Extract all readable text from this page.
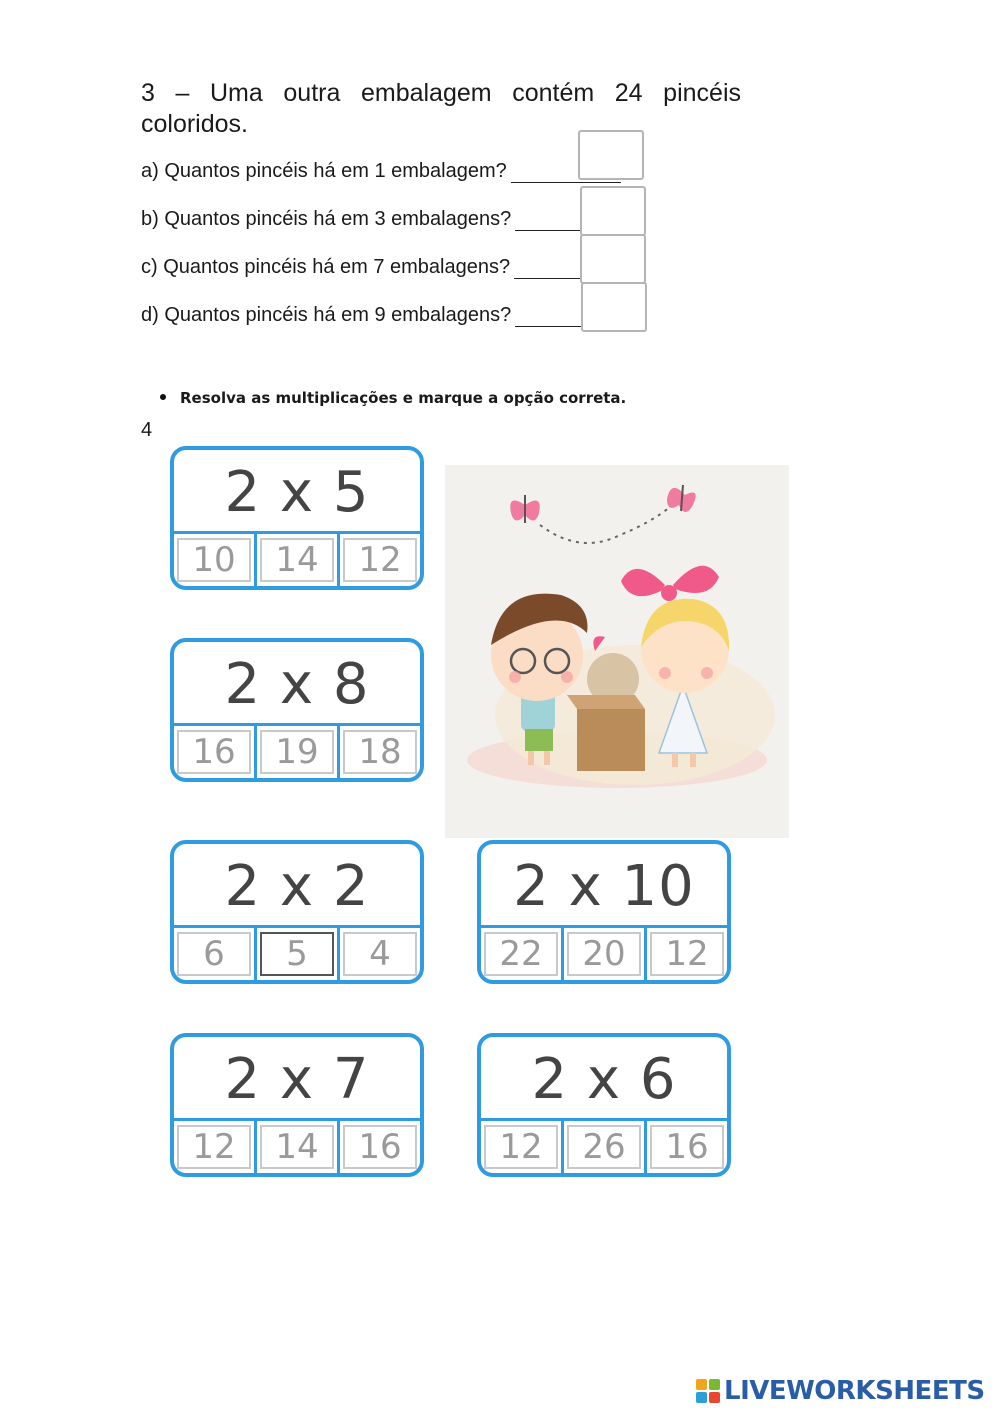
3 – Uma outra embalagem contém 24 pincéis coloridos.
a) Quantos pincéis há em 1 embalagem?
b) Quantos pincéis há em 3 embalagens?
c) Quantos pincéis há em 7 embalagens?
d) Quantos pincéis há em 9 embalagens?
Resolva as multiplicações e marque a opção correta.
4
2 x 5
10	14	12
2 x 8
16	19	18
2 x 2
6	5	4
2 x 10
22	20	12
2 x 7
12	14	16
2 x 6
12	26	16
LIVEWORKSHEETS
